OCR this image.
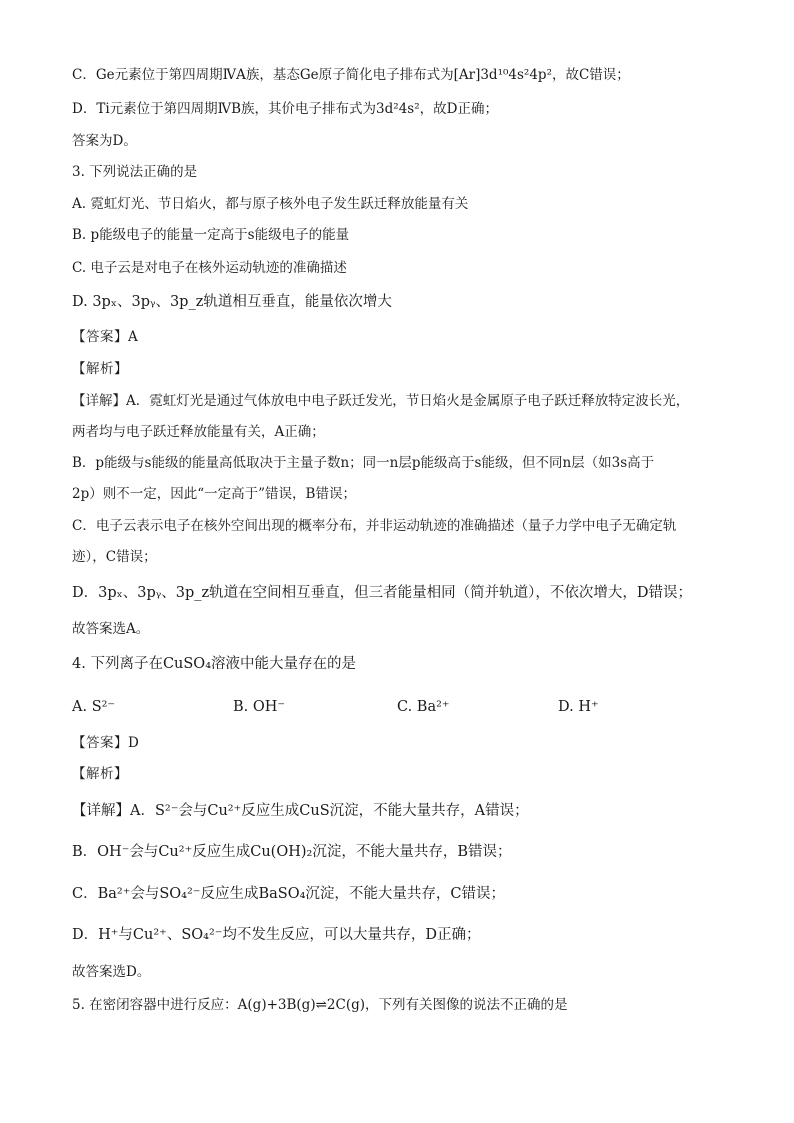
C．Ge元素位于第四周期ⅣA族，基态Ge原子简化电子排布式为[Ar]3d¹⁰4s²4p²，故C错误；
D．Ti元素位于第四周期ⅣB族，其价电子排布式为3d²4s²，故D正确；
答案为D。
3. 下列说法正确的是
A. 霓虹灯光、节日焰火，都与原子核外电子发生跃迁释放能量有关
B. p能级电子的能量一定高于s能级电子的能量
C. 电子云是对电子在核外运动轨迹的准确描述
D. 3pₓ、3pᵧ、3p_z轨道相互垂直，能量依次增大
【答案】A
【解析】
【详解】A．霓虹灯光是通过气体放电中电子跃迁发光，节日焰火是金属原子电子跃迁释放特定波长光，
两者均与电子跃迁释放能量有关，A正确；
B．p能级与s能级的能量高低取决于主量子数n；同一n层p能级高于s能级，但不同n层（如3s高于
2p）则不一定，因此“一定高于”错误，B错误；
C．电子云表示电子在核外空间出现的概率分布，并非运动轨迹的准确描述（量子力学中电子无确定轨
迹），C错误；
D．3pₓ、3pᵧ、3p_z轨道在空间相互垂直，但三者能量相同（简并轨道），不依次增大，D错误；
故答案选A。
4. 下列离子在CuSO₄溶液中能大量存在的是
A. S²⁻	B. OH⁻	C. Ba²⁺	D. H⁺
【答案】D
【解析】
【详解】A．S²⁻会与Cu²⁺反应生成CuS沉淀，不能大量共存，A错误；
B．OH⁻会与Cu²⁺反应生成Cu(OH)₂沉淀，不能大量共存，B错误；
C．Ba²⁺会与SO₄²⁻反应生成BaSO₄沉淀，不能大量共存，C错误；
D．H⁺与Cu²⁺、SO₄²⁻均不发生反应，可以大量共存，D正确；
故答案选D。
5. 在密闭容器中进行反应：A(g)+3B(g)⇌2C(g)，下列有关图像的说法不正确的是
